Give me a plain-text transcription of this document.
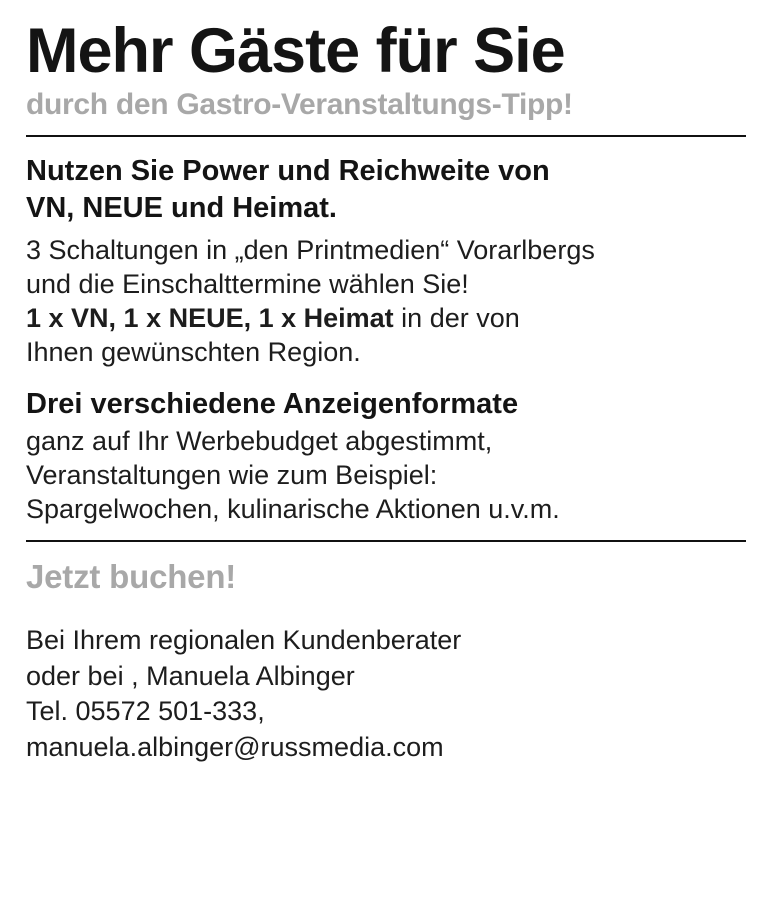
Mehr Gäste für Sie
durch den Gastro-Veranstaltungs-Tipp!

Nutzen Sie Power und Reichweite von
VN, NEUE und Heimat.

3 Schaltungen in „den Printmedien“ Vorarlbergs
und die Einschalttermine wählen Sie!

1 x VN, 1 x NEUE, 1 x Heimat in der von
Ihnen gewünschten Region.

Drei verschiedene Anzeigenformate

ganz auf Ihr Werbebudget abgestimmt,
Veranstaltungen wie zum Beispiel:
Spargelwochen, kulinarische Aktionen u.v.m.

Jetzt buchen!

Bei Ihrem regionalen Kundenberater
oder bei , Manuela Albinger
Tel. 05572 501-333,
manuela.albinger@russmedia.com
